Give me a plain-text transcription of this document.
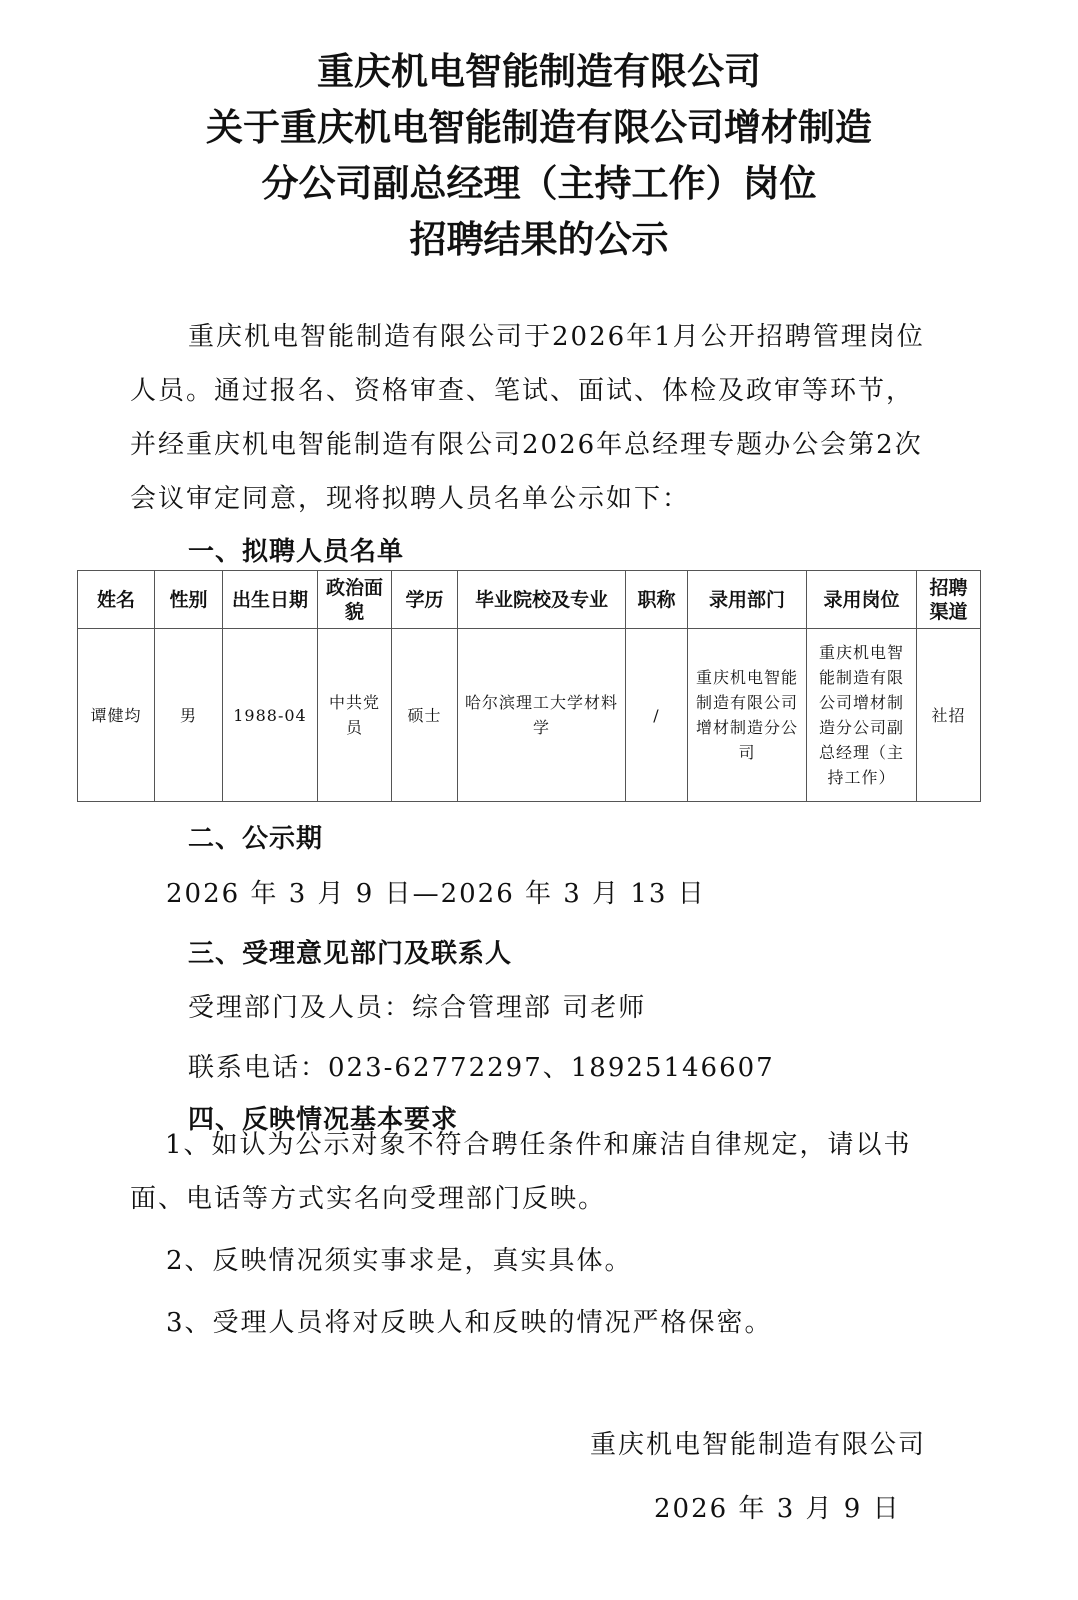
重庆机电智能制造有限公司
关于重庆机电智能制造有限公司增材制造
分公司副总经理（主持工作）岗位
招聘结果的公示
重庆机电智能制造有限公司于2026年1月公开招聘管理岗位人员。通过报名、资格审查、笔试、面试、体检及政审等环节，并经重庆机电智能制造有限公司2026年总经理专题办公会第2次会议审定同意，现将拟聘人员名单公示如下：
一、拟聘人员名单
姓名	性别	出生日期	政治面貌	学历	毕业院校及专业	职称	录用部门	录用岗位	招聘渠道
谭健均	男	1988-04	中共党员	硕士	哈尔滨理工大学材料学	/	重庆机电智能制造有限公司增材制造分公司	重庆机电智能制造有限公司增材制造分公司副总经理（主持工作）	社招
二、公示期
2026 年 3 月 9 日—2026 年 3 月 13 日
三、受理意见部门及联系人
受理部门及人员：综合管理部 司老师
联系电话：023-62772297、18925146607
四、反映情况基本要求
1、如认为公示对象不符合聘任条件和廉洁自律规定，请以书面、电话等方式实名向受理部门反映。
2、反映情况须实事求是，真实具体。
3、受理人员将对反映人和反映的情况严格保密。
重庆机电智能制造有限公司
2026 年 3 月 9 日
